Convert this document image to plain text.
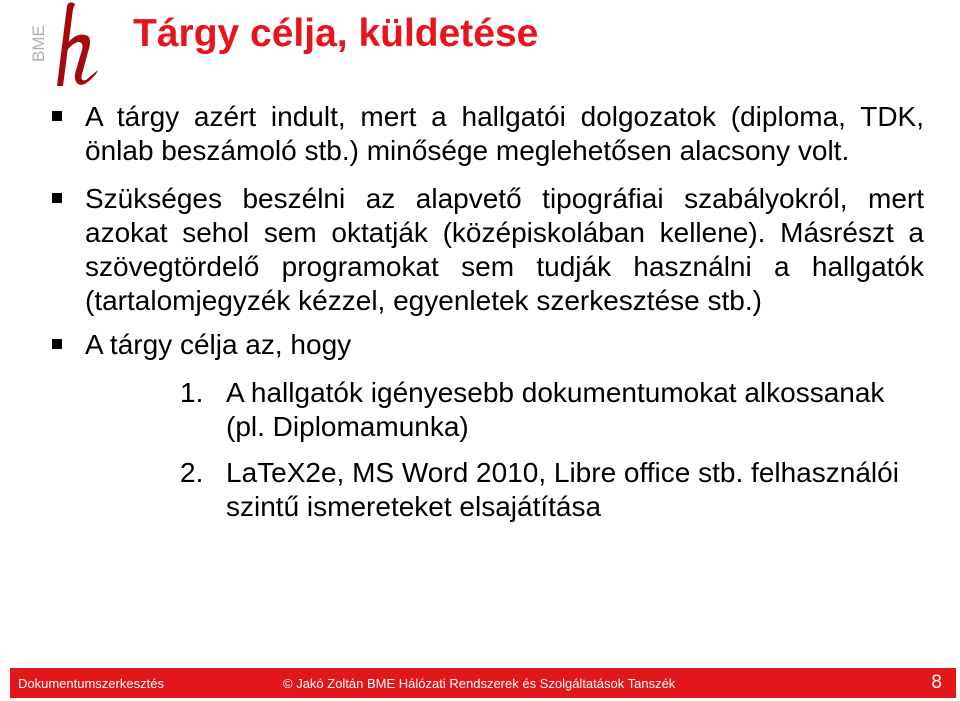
BME Tárgy célja, küldetése
A tárgy azért indult, mert a hallgatói dolgozatok (diploma, TDK, önlab beszámoló stb.) minősége meglehetősen alacsony volt.
Szükséges beszélni az alapvető tipográfiai szabályokról, mert azokat sehol sem oktatják (középiskolában kellene). Másrészt a szövegtördelő programokat sem tudják használni a hallgatók (tartalomjegyzék kézzel, egyenletek szerkesztése stb.)
A tárgy célja az, hogy
1. A hallgatók igényesebb dokumentumokat alkossanak (pl. Diplomamunka)
2. LaTeX2e, MS Word 2010, Libre office stb. felhasználói szintű ismereteket elsajátítása
Dokumentumszerkesztés	© Jakó Zoltán BME Hálózati Rendszerek és Szolgáltatások Tanszék	8
